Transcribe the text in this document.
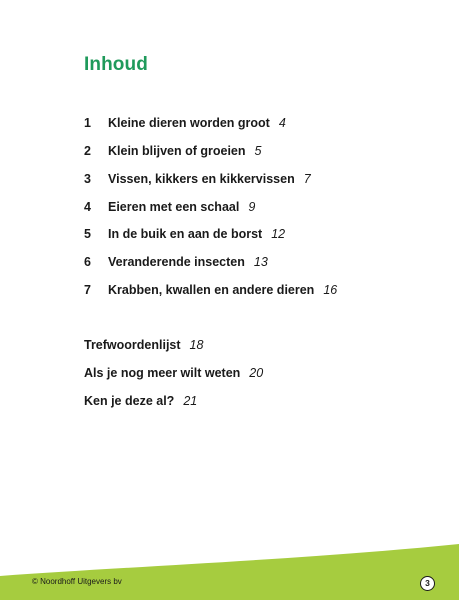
Inhoud
1 Kleine dieren worden groot 4
2 Klein blijven of groeien 5
3 Vissen, kikkers en kikkervissen 7
4 Eieren met een schaal 9
5 In de buik en aan de borst 12
6 Veranderende insecten 13
7 Krabben, kwallen en andere dieren 16
Trefwoordenlijst 18
Als je nog meer wilt weten 20
Ken je deze al? 21
© Noordhoff Uitgevers bv	3
